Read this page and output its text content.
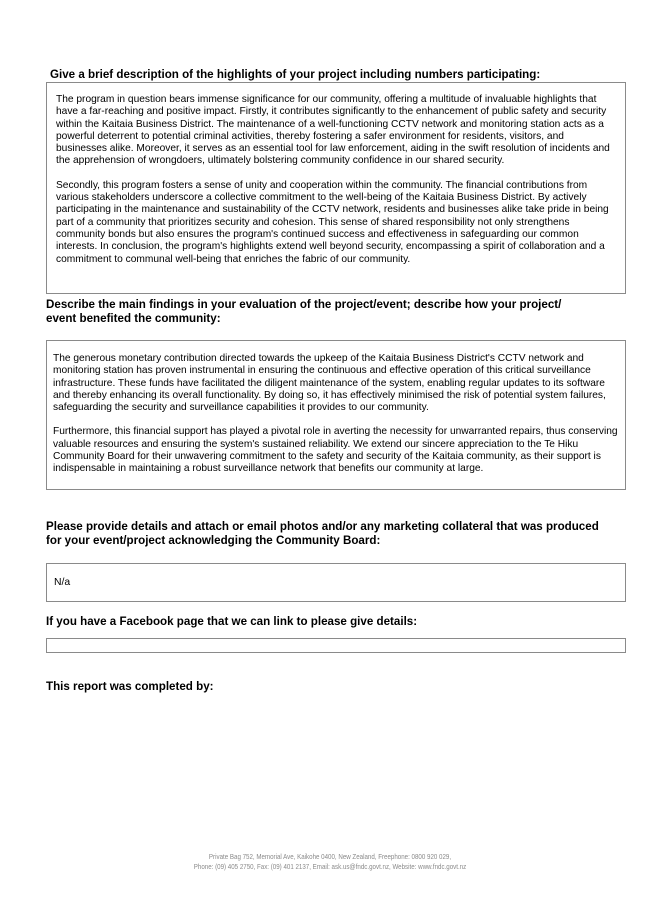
Give a brief description of the highlights of your project including numbers participating:

The program in question bears immense significance for our community, offering a multitude of invaluable highlights that have a far-reaching and positive impact. Firstly, it contributes significantly to the enhancement of public safety and security within the Kaitaia Business District. The maintenance of a well-functioning CCTV network and monitoring station acts as a powerful deterrent to potential criminal activities, thereby fostering a safer environment for residents, visitors, and businesses alike. Moreover, it serves as an essential tool for law enforcement, aiding in the swift resolution of incidents and the apprehension of wrongdoers, ultimately bolstering community confidence in our shared security.

Secondly, this program fosters a sense of unity and cooperation within the community. The financial contributions from various stakeholders underscore a collective commitment to the well-being of the Kaitaia Business District. By actively participating in the maintenance and sustainability of the CCTV network, residents and businesses alike take pride in being part of a community that prioritizes security and cohesion. This sense of shared responsibility not only strengthens community bonds but also ensures the program's continued success and effectiveness in safeguarding our common interests. In conclusion, the program's highlights extend well beyond security, encompassing a spirit of collaboration and a commitment to communal well-being that enriches the fabric of our community.

Describe the main findings in your evaluation of the project/event; describe how your project/
event benefited the community:

The generous monetary contribution directed towards the upkeep of the Kaitaia Business District's CCTV network and monitoring station has proven instrumental in ensuring the continuous and effective operation of this critical surveillance infrastructure. These funds have facilitated the diligent maintenance of the system, enabling regular updates to its software and thereby enhancing its overall functionality. By doing so, it has effectively minimised the risk of potential system failures, safeguarding the security and surveillance capabilities it provides to our community.

Furthermore, this financial support has played a pivotal role in averting the necessity for unwarranted repairs, thus conserving valuable resources and ensuring the system's sustained reliability. We extend our sincere appreciation to the Te Hiku Community Board for their unwavering commitment to the safety and security of the Kaitaia community, as their support is indispensable in maintaining a robust surveillance network that benefits our community at large.

Please provide details and attach or email photos and/or any marketing collateral that was produced
for your event/project acknowledging the Community Board:
N/a
If you have a Facebook page that we can link to please give details:
This report was completed by:
Private Bag 752, Memorial Ave, Kaikohe 0400, New Zealand, Freephone: 0800 920 029,
Phone: (09) 405 2750, Fax: (09) 401 2137, Email: ask.us@fndc.govt.nz, Website: www.fndc.govt.nz
